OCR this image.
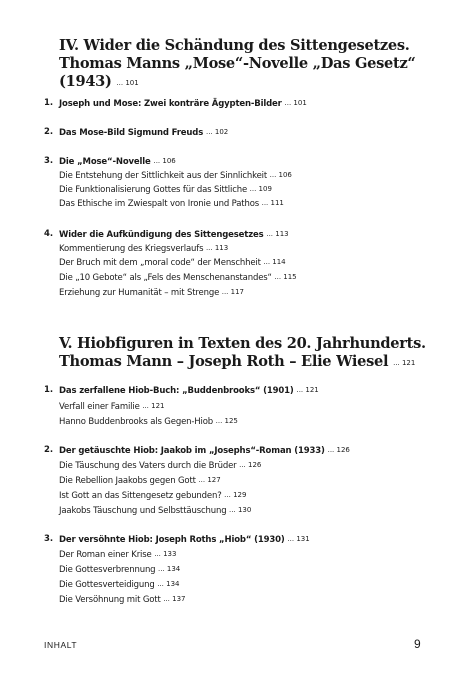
IV. Wider die Schändung des Sittengesetzes.
Thomas Manns „Mose“-Novelle „Das Gesetz“
(1943) ... 101
1. Joseph und Mose: Zwei konträre Ägypten-Bilder ... 101
2. Das Mose-Bild Sigmund Freuds ... 102
3. Die „Mose“-Novelle ... 106
Die Entstehung der Sittlichkeit aus der Sinnlichkeit ... 106
Die Funktionalisierung Gottes für das Sittliche ... 109
Das Ethische im Zwiespalt von Ironie und Pathos ... 111
4. Wider die Aufkündigung des Sittengesetzes ... 113
Kommentierung des Kriegsverlaufs ... 113
Der Bruch mit dem „moral code“ der Menschheit ... 114
Die „10 Gebote“ als „Fels des Menschenanstandes“ ... 115
Erziehung zur Humanität – mit Strenge ... 117
V. Hiobfiguren in Texten des 20. Jahrhunderts.
Thomas Mann – Joseph Roth – Elie Wiesel ... 121
1. Das zerfallene Hiob-Buch: „Buddenbrooks“ (1901) ... 121
Verfall einer Familie ... 121
Hanno Buddenbrooks als Gegen-Hiob ... 125
2. Der getäuschte Hiob: Jaakob im „Josephs“-Roman (1933) ... 126
Die Täuschung des Vaters durch die Brüder ... 126
Die Rebellion Jaakobs gegen Gott ... 127
Ist Gott an das Sittengesetz gebunden? ... 129
Jaakobs Täuschung und Selbsttäuschung ... 130
3. Der versöhnte Hiob: Joseph Roths „Hiob“ (1930) ... 131
Der Roman einer Krise ... 133
Die Gottesverbrennung ... 134
Die Gottesverteidigung ... 134
Die Versöhnung mit Gott ... 137
INHALT	9
